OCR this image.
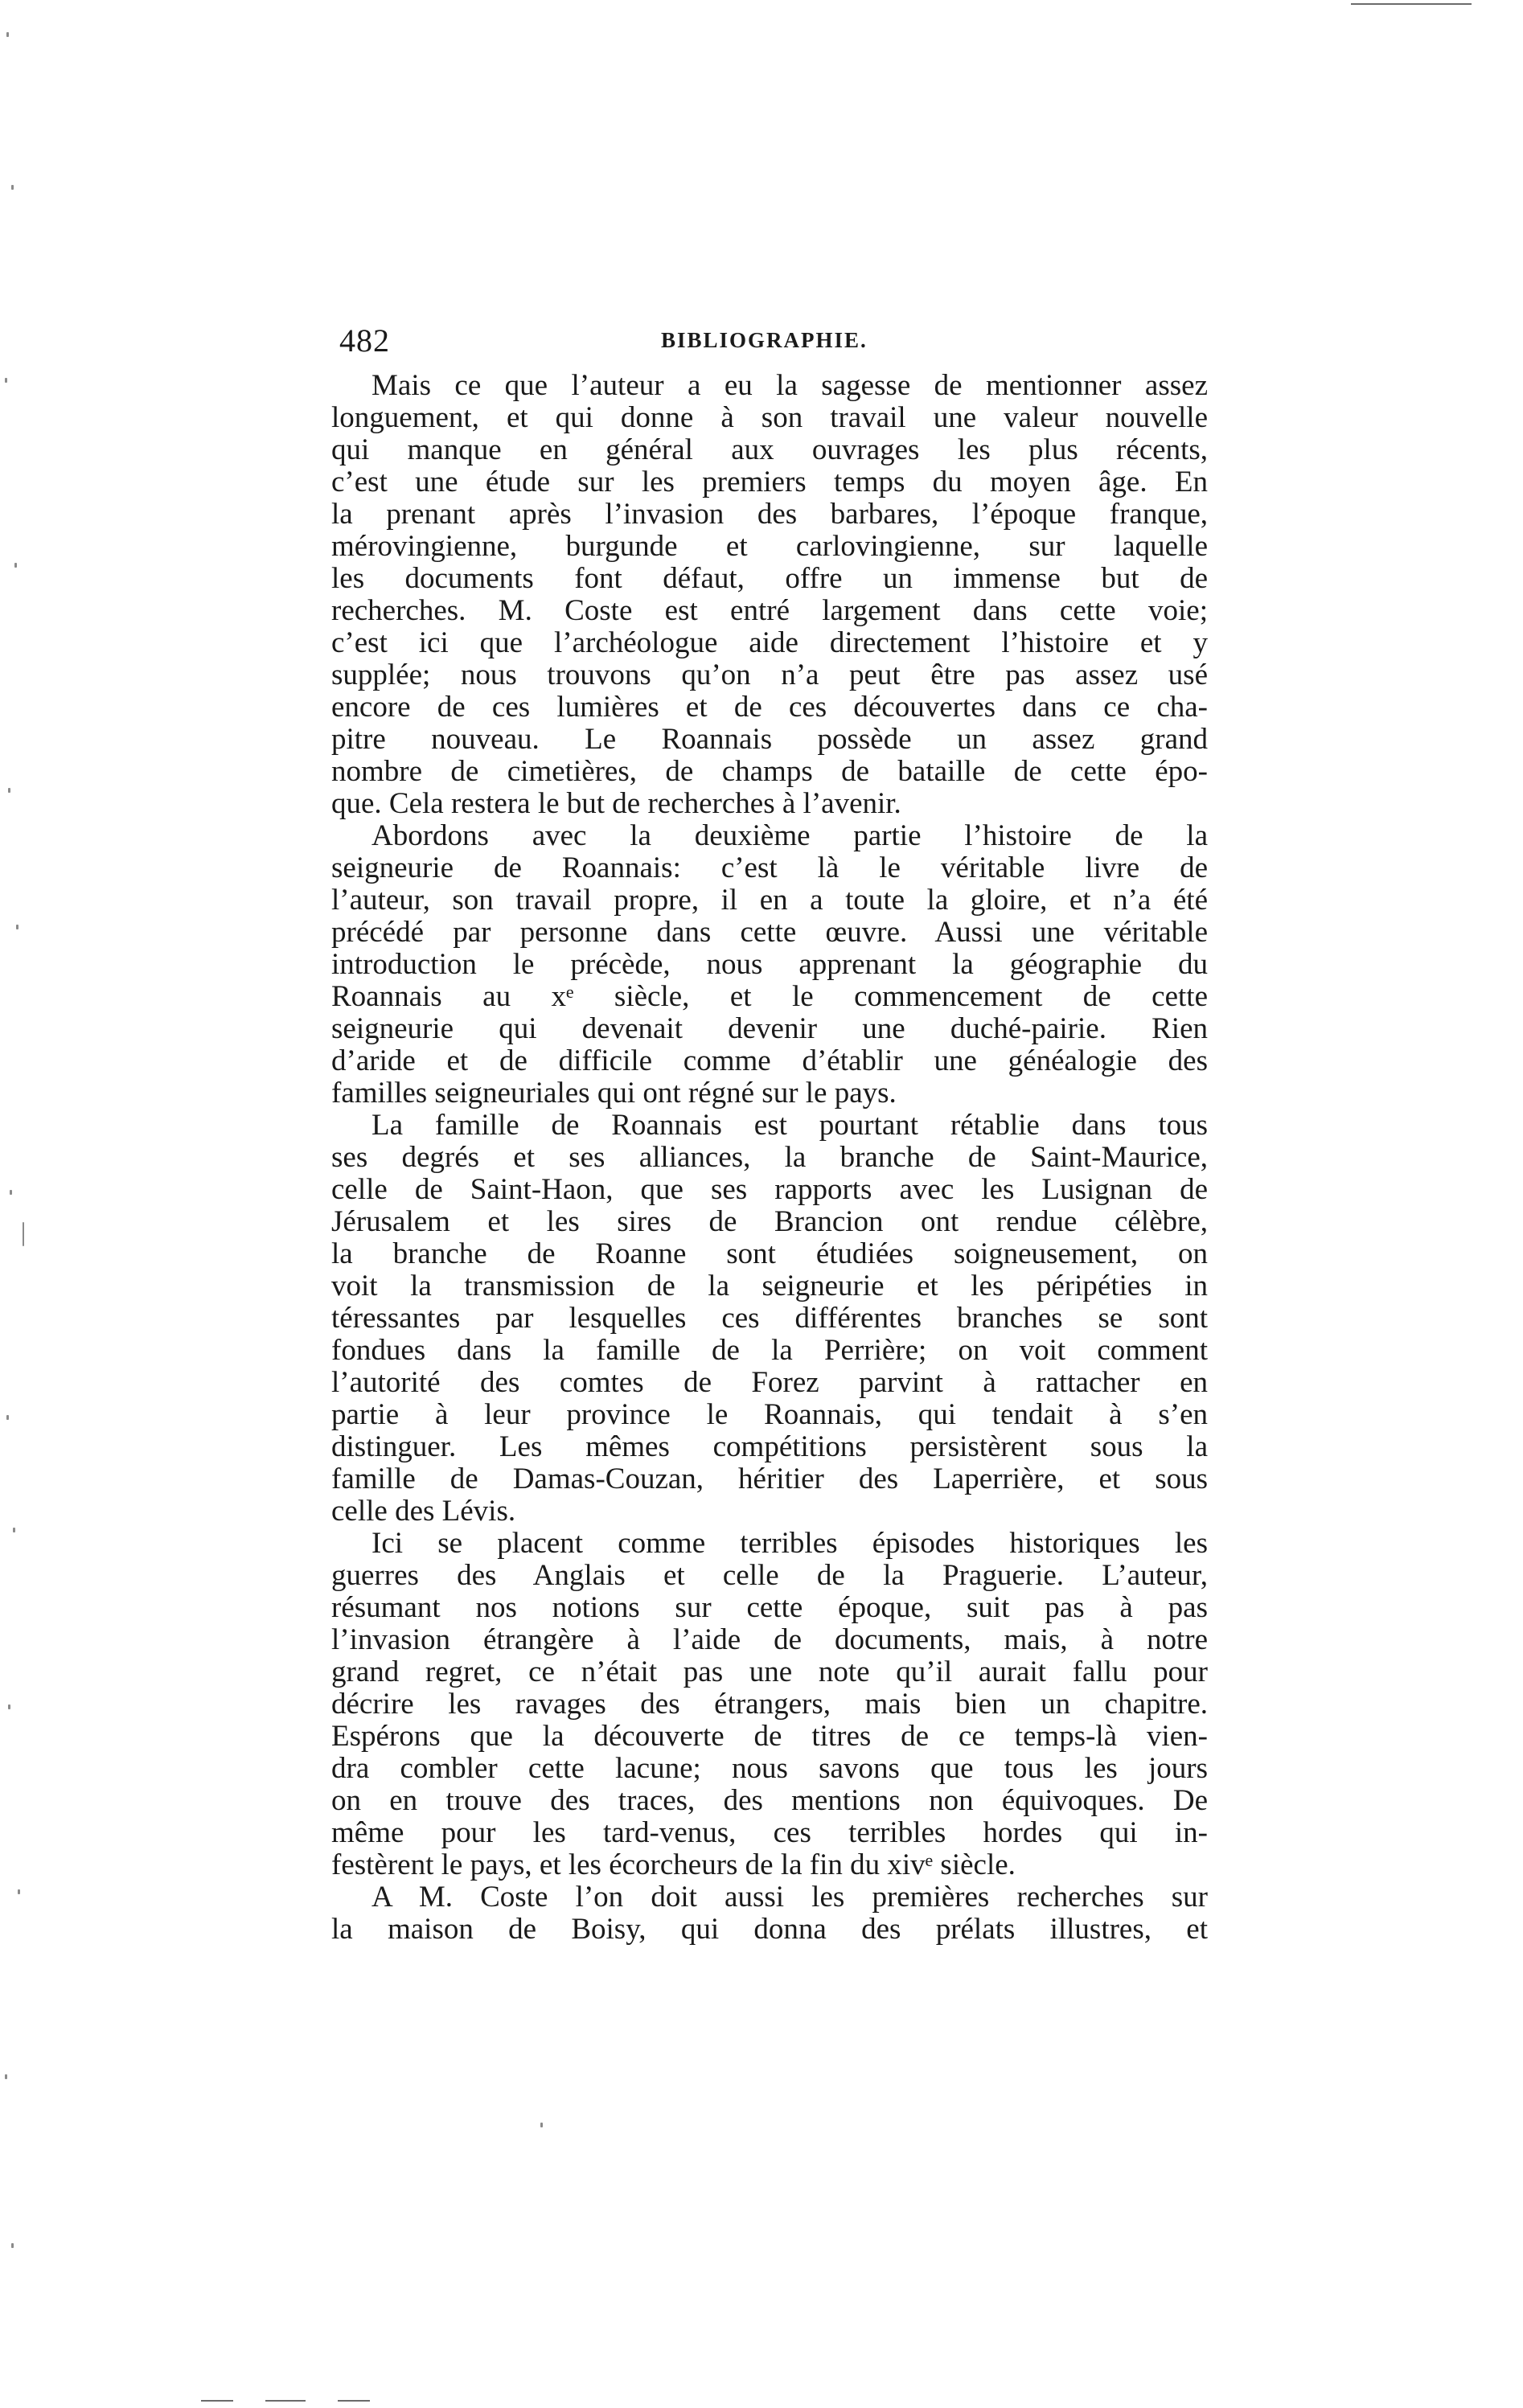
482	BIBLIOGRAPHIE.
Mais ce que l’auteur a eu la sagesse de mentionner assez
longuement, et qui donne à son travail une valeur nouvelle
qui manque en général aux ouvrages les plus récents,
c’est une étude sur les premiers temps du moyen âge. En
la prenant après l’invasion des barbares, l’époque franque,
mérovingienne, burgunde et carlovingienne, sur laquelle
les documents font défaut, offre un immense but de
recherches. M. Coste est entré largement dans cette voie;
c’est ici que l’archéologue aide directement l’histoire et y
supplée; nous trouvons qu’on n’a peut être pas assez usé
encore de ces lumières et de ces découvertes dans ce cha-
pitre nouveau. Le Roannais possède un assez grand
nombre de cimetières, de champs de bataille de cette épo-
que. Cela restera le but de recherches à l’avenir.
Abordons avec la deuxième partie l’histoire de la
seigneurie de Roannais: c’est là le véritable livre de
l’auteur, son travail propre, il en a toute la gloire, et n’a été
précédé par personne dans cette œuvre. Aussi une véritable
introduction le précède, nous apprenant la géographie du
Roannais au xᵉ siècle, et le commencement de cette
seigneurie qui devenait devenir une duché-pairie. Rien
d’aride et de difficile comme d’établir une généalogie des
familles seigneuriales qui ont régné sur le pays.
La famille de Roannais est pourtant rétablie dans tous
ses degrés et ses alliances, la branche de Saint-Maurice,
celle de Saint-Haon, que ses rapports avec les Lusignan de
Jérusalem et les sires de Brancion ont rendue célèbre,
la branche de Roanne sont étudiées soigneusement, on
voit la transmission de la seigneurie et les péripéties in
téressantes par lesquelles ces différentes branches se sont
fondues dans la famille de la Perrière; on voit comment
l’autorité des comtes de Forez parvint à rattacher en
partie à leur province le Roannais, qui tendait à s’en
distinguer. Les mêmes compétitions persistèrent sous la
famille de Damas-Couzan, héritier des Laperrière, et sous
celle des Lévis.
Ici se placent comme terribles épisodes historiques les
guerres des Anglais et celle de la Praguerie. L’auteur,
résumant nos notions sur cette époque, suit pas à pas
l’invasion étrangère à l’aide de documents, mais, à notre
grand regret, ce n’était pas une note qu’il aurait fallu pour
décrire les ravages des étrangers, mais bien un chapitre.
Espérons que la découverte de titres de ce temps-là vien-
dra combler cette lacune; nous savons que tous les jours
on en trouve des traces, des mentions non équivoques. De
même pour les tard-venus, ces terribles hordes qui in-
festèrent le pays, et les écorcheurs de la fin du xivᵉ siècle.
A M. Coste l’on doit aussi les premières recherches sur
la maison de Boisy, qui donna des prélats illustres, et
